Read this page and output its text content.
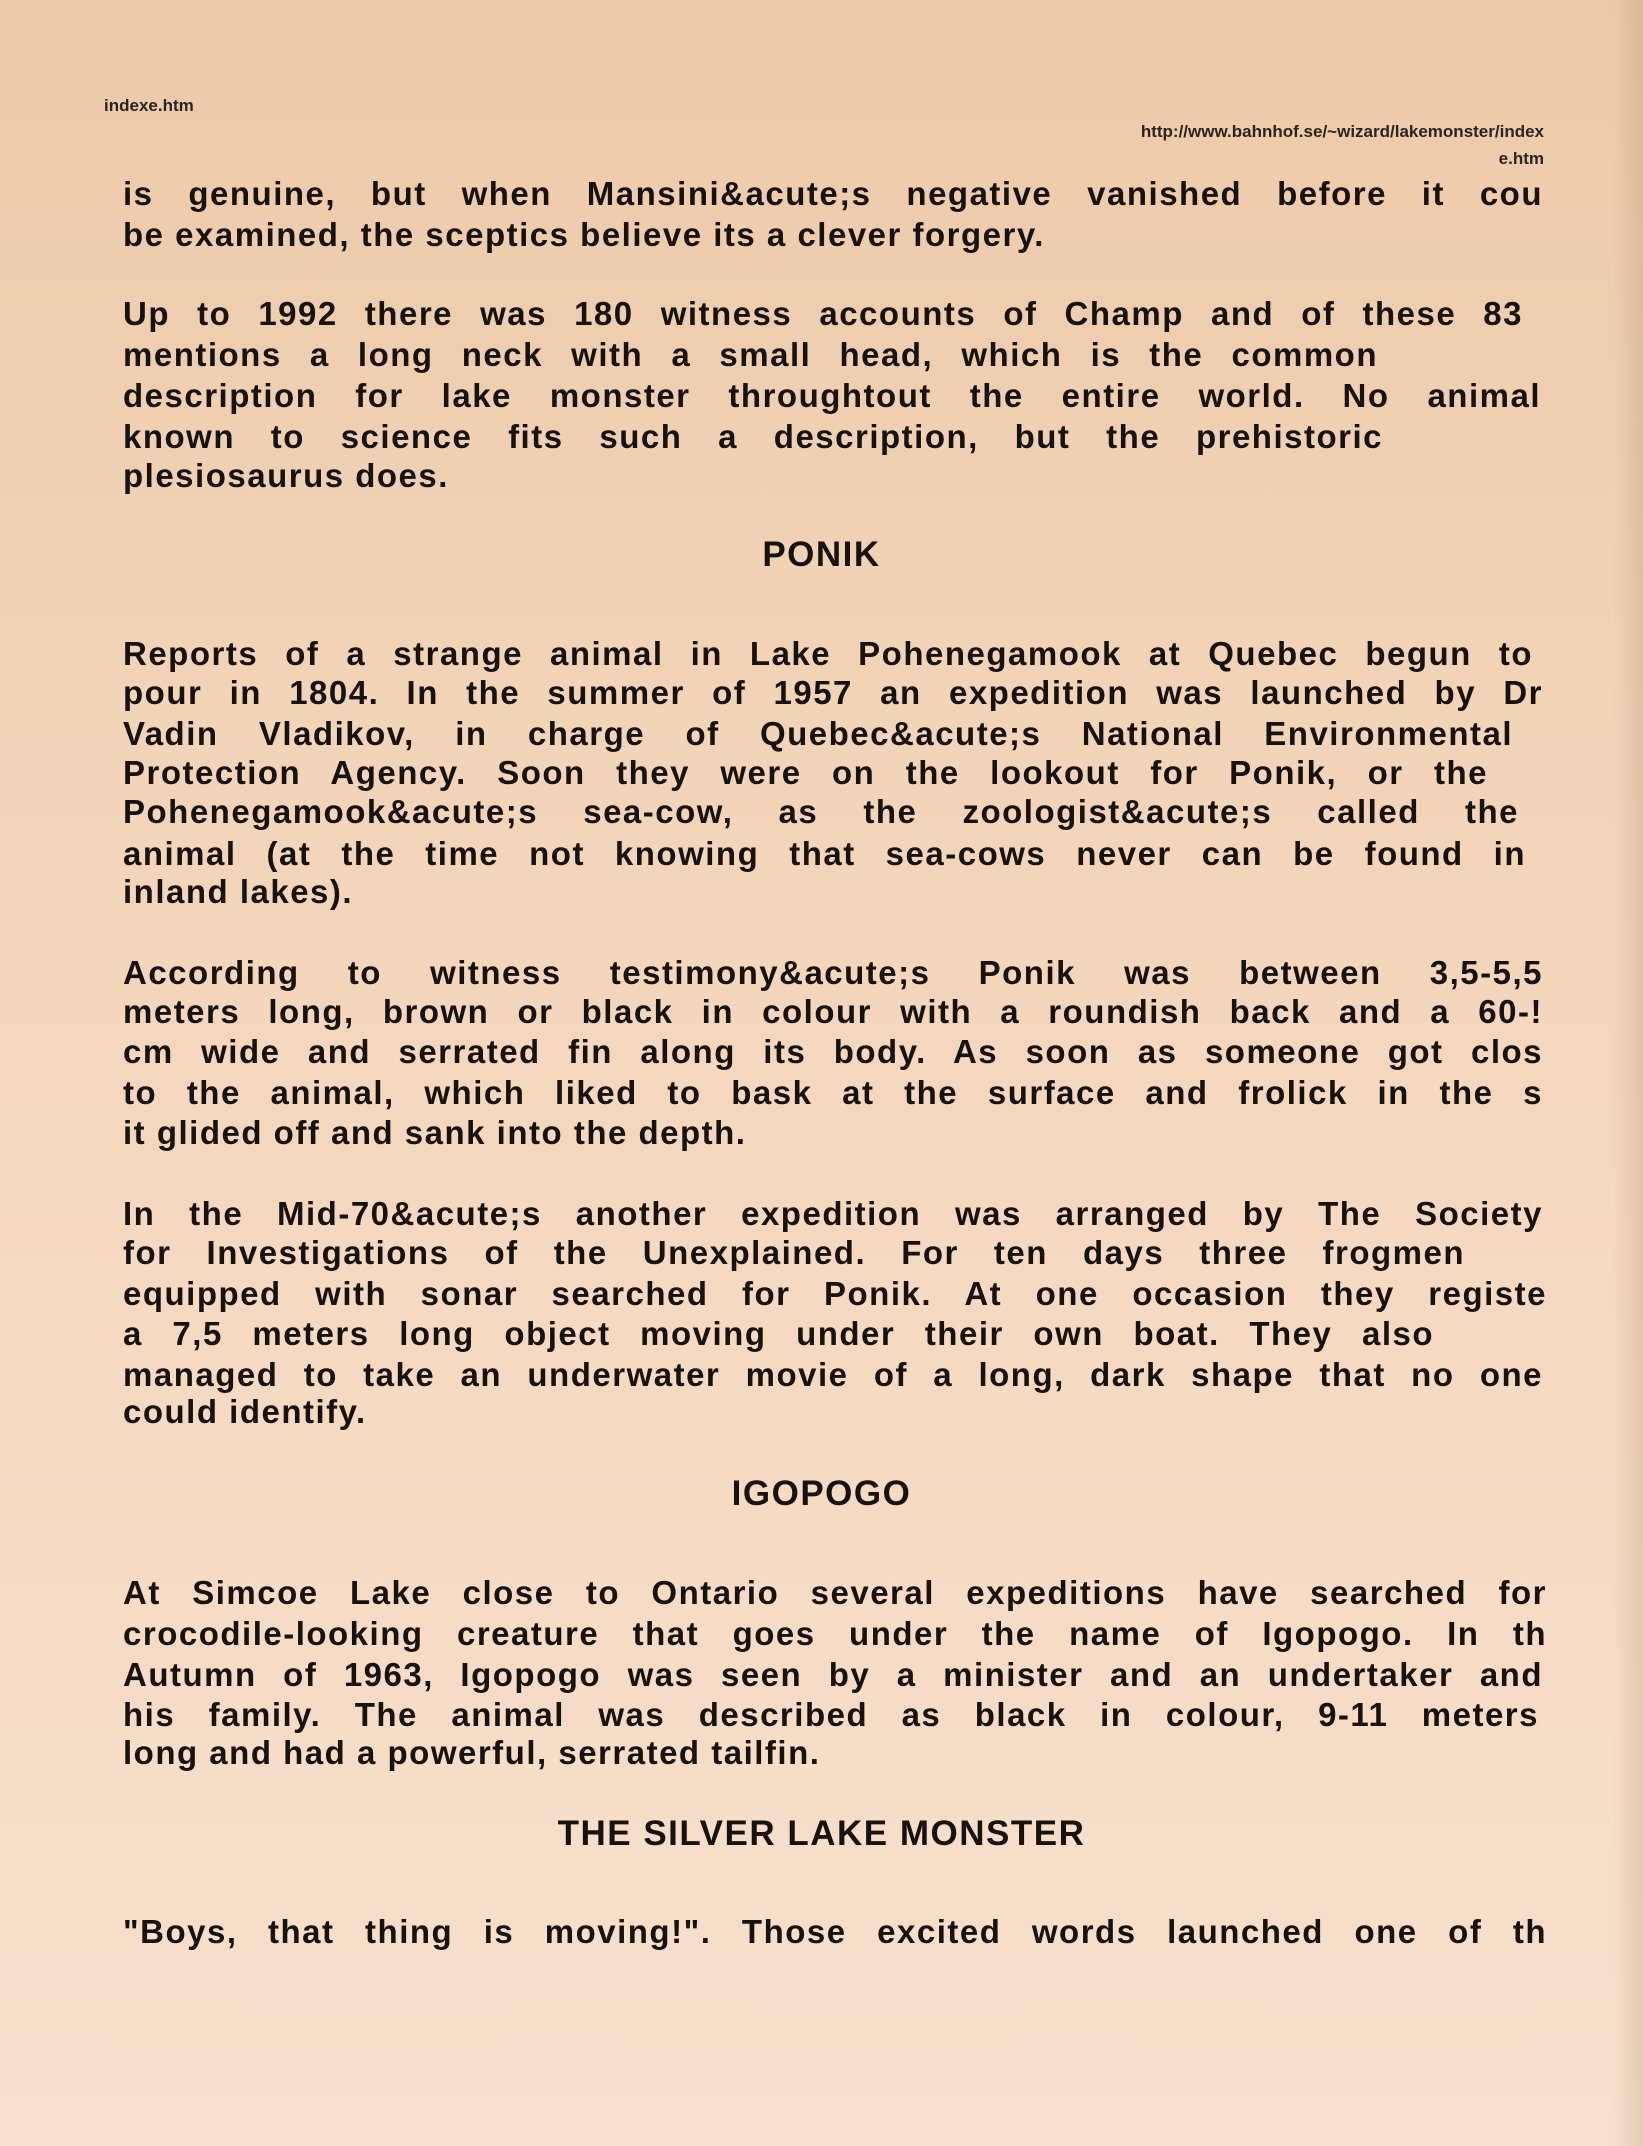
indexe.htm
http://www.bahnhof.se/~wizard/lakemonster/index
e.htm
is genuine, but when Mansini&acute;s negative vanished before it cou
be examined, the sceptics believe its a clever forgery.
Up to 1992 there was 180 witness accounts of Champ and of these 83
mentions a long neck with a small head, which is the common
description for lake monster throughtout the entire world. No animal
known to science fits such a description, but the prehistoric
plesiosaurus does.
PONIK
Reports of a strange animal in Lake Pohenegamook at Quebec begun to
pour in 1804. In the summer of 1957 an expedition was launched by Dr
Vadin Vladikov, in charge of Quebec&acute;s National Environmental
Protection Agency. Soon they were on the lookout for Ponik, or the
Pohenegamook&acute;s sea-cow, as the zoologist&acute;s called the
animal (at the time not knowing that sea-cows never can be found in
inland lakes).
According to witness testimony&acute;s Ponik was between 3,5-5,5
meters long, brown or black in colour with a roundish back and a 60-!
cm wide and serrated fin along its body. As soon as someone got clos
to the animal, which liked to bask at the surface and frolick in the s
it glided off and sank into the depth.
In the Mid-70&acute;s another expedition was arranged by The Society
for Investigations of the Unexplained. For ten days three frogmen
equipped with sonar searched for Ponik. At one occasion they registe
a 7,5 meters long object moving under their own boat. They also
managed to take an underwater movie of a long, dark shape that no one
could identify.
IGOPOGO
At Simcoe Lake close to Ontario several expeditions have searched for
crocodile-looking creature that goes under the name of Igopogo. In th
Autumn of 1963, Igopogo was seen by a minister and an undertaker and
his family. The animal was described as black in colour, 9-11 meters
long and had a powerful, serrated tailfin.
THE SILVER LAKE MONSTER
"Boys, that thing is moving!". Those excited words launched one of th
